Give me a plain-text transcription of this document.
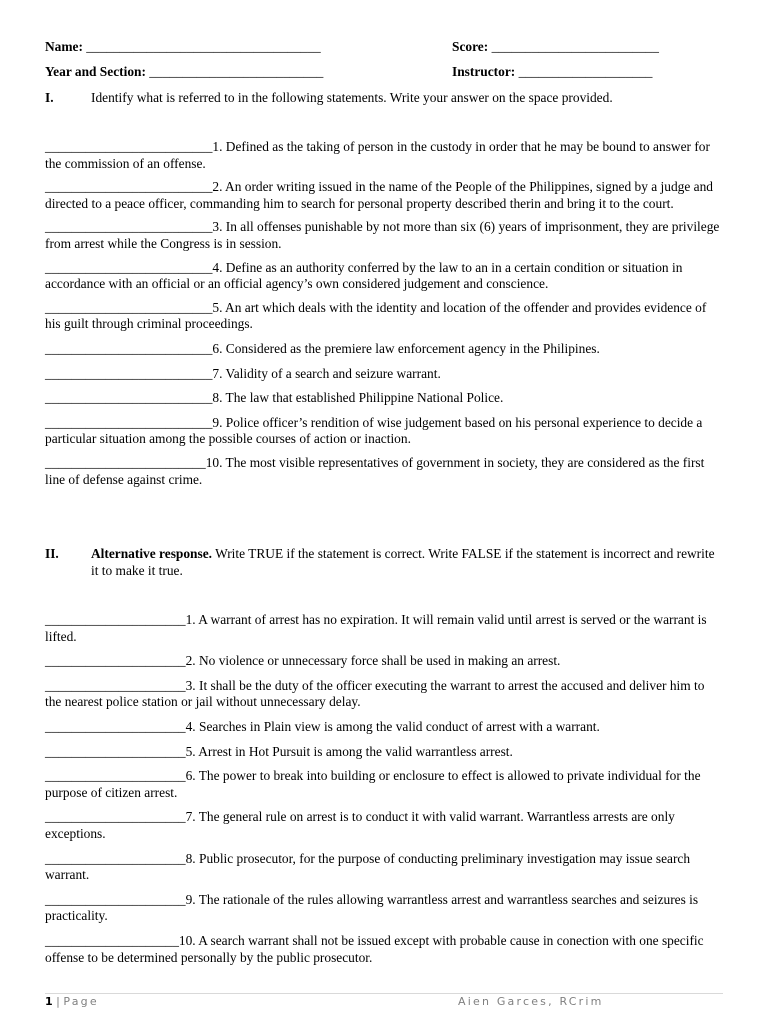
Name: ___________________________________	Score: _________________________
Year and Section: __________________________	Instructor: ____________________
I.	Identify what is referred to in the following statements. Write your answer on the space provided.

_________________________1. Defined as the taking of person in the custody in order that he may be bound to answer for the commission of an offense.

_________________________2. An order writing issued in the name of the People of the Philippines, signed by a judge and directed to a peace officer, commanding him to search for personal property described therin and bring it to the court.

_________________________3. In all offenses punishable by not more than six (6) years of imprisonment, they are privilege from arrest while the Congress is in session.

_________________________4. Define as an authority conferred by the law to an in a certain condition or situation in accordance with an official or an official agency’s own considered judgement and conscience.

_________________________5. An art which deals with the identity and location of the offender and provides evidence of his guilt through criminal proceedings.

_________________________6. Considered as the premiere law enforcement agency in the Philipines.

_________________________7. Validity of a search and seizure warrant.

_________________________8. The law that established Philippine National Police.

_________________________9. Police officer’s rendition of wise judgement based on his personal experience to decide a particular situation among the possible courses of action or inaction.

________________________10. The most visible representatives of government in society, they are considered as the first line of defense against crime.

II. Alternative response. Write TRUE if the statement is correct. Write FALSE if the statement is incorrect and rewrite it to make it true.

_____________________1. A warrant of arrest has no expiration. It will remain valid until arrest is served or the warrant is lifted.

_____________________2. No violence or unnecessary force shall be used in making an arrest.

_____________________3. It shall be the duty of the officer executing the warrant to arrest the accused and deliver him to the nearest police station or jail without unnecessary delay.

_____________________4. Searches in Plain view is among the valid conduct of arrest with a warrant.

_____________________5. Arrest in Hot Pursuit is among the valid warrantless arrest.

_____________________6. The power to break into building or enclosure to effect is allowed to private individual for the purpose of citizen arrest.

_____________________7. The general rule on arrest is to conduct it with valid warrant. Warrantless arrests are only exceptions.

_____________________8. Public prosecutor, for the purpose of conducting preliminary investigation may issue search warrant.

_____________________9. The rationale of the rules allowing warrantless arrest and warrantless searches and seizures is practicality.

____________________10. A search warrant shall not be issued except with probable cause in conection with one specific offense to be determined personally by the public prosecutor.

1 | Page	Aien Garces, RCrim
